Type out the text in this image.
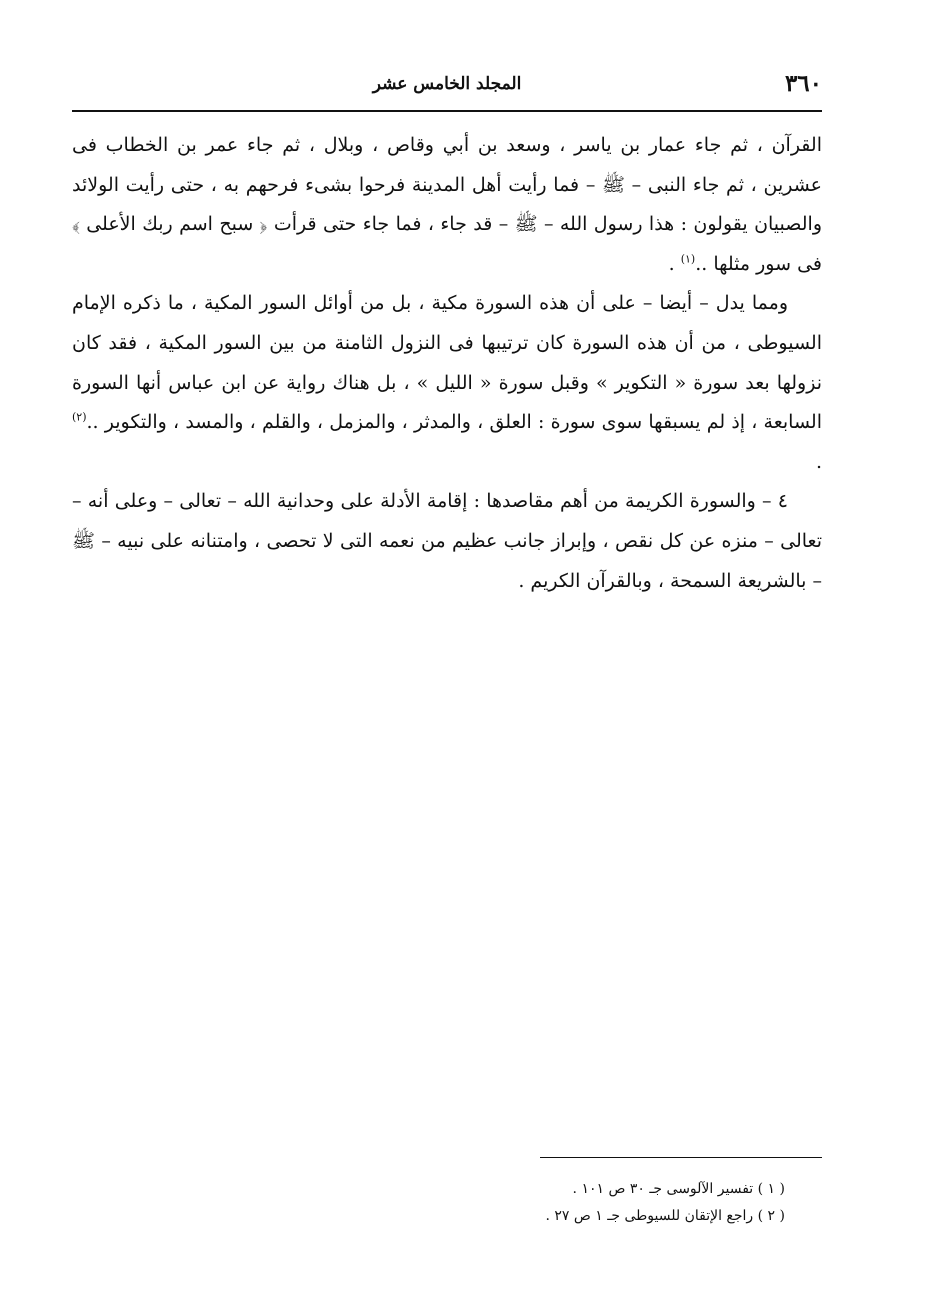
٣٦٠
المجلد الخامس عشر

القرآن ، ثم جاء عمار بن ياسر ، وسعد بن أبي وقاص ، وبلال ، ثم جاء عمر بن الخطاب فى عشرين ، ثم جاء النبى – ﷺ – فما رأيت أهل المدينة فرحوا بشىء فرحهم به ، حتى رأيت الولائد والصبيان يقولون : هذا رسول الله – ﷺ – قد جاء ، فما جاء حتى قرأت ﴿ سبح اسم ربك الأعلى ﴾ فى سور مثلها ..$^{(١)}$ .

ومما يدل – أيضا – على أن هذه السورة مكية ، بل من أوائل السور المكية ، ما ذكره الإمام السيوطى ، من أن هذه السورة كان ترتيبها فى النزول الثامنة من بين السور المكية ، فقد كان نزولها بعد سورة « التكوير » وقبل سورة « الليل » ، بل هناك رواية عن ابن عباس أنها السورة السابعة ، إذ لم يسبقها سوى سورة : العلق ، والمدثر ، والمزمل ، والقلم ، والمسد ، والتكوير ..$^{(٢)}$ .

٤ – والسورة الكريمة من أهم مقاصدها : إقامة الأدلة على وحدانية الله – تعالى – وعلى أنه – تعالى – منزه عن كل نقص ، وإبراز جانب عظيم من نعمه التى لا تحصى ، وامتنانه على نبيه – ﷺ – بالشريعة السمحة ، وبالقرآن الكريم .

( ١ ) تفسير الآلوسى جـ ٣٠ ص ١٠١ .
( ٢ ) راجع الإتقان للسيوطى جـ ١ ص ٢٧ .
